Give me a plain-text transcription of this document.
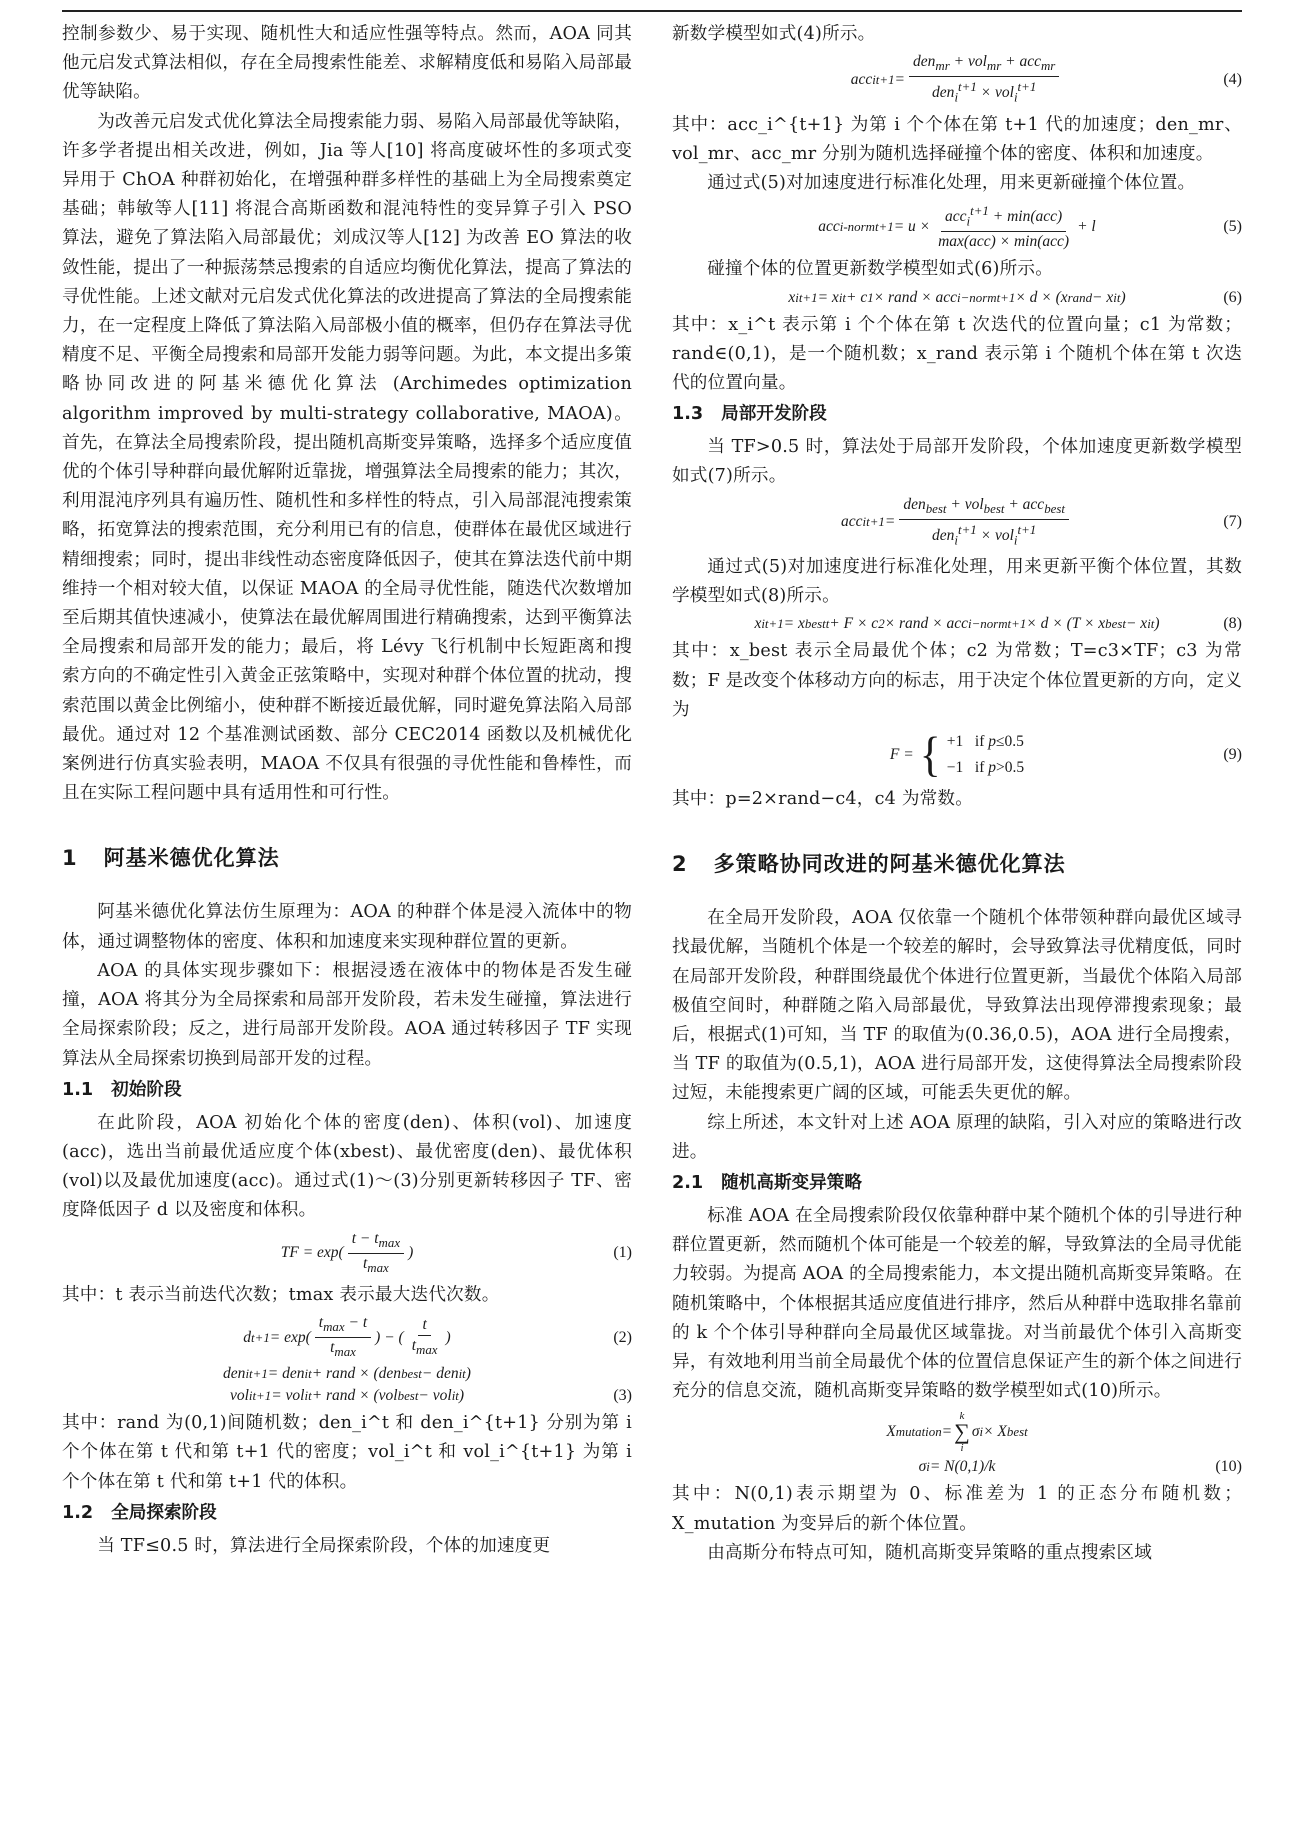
控制参数少、易于实现、随机性大和适应性强等特点。然而，AOA 同其他元启发式算法相似，存在全局搜索性能差、求解精度低和易陷入局部最优等缺陷。

为改善元启发式优化算法全局搜索能力弱、易陷入局部最优等缺陷，许多学者提出相关改进，例如，Jia 等人[10] 将高度破坏性的多项式变异用于 ChOA 种群初始化，在增强种群多样性的基础上为全局搜索奠定基础；韩敏等人[11] 将混合高斯函数和混沌特性的变异算子引入 PSO 算法，避免了算法陷入局部最优；刘成汉等人[12] 为改善 EO 算法的收敛性能，提出了一种振荡禁忌搜索的自适应均衡优化算法，提高了算法的寻优性能。上述文献对元启发式优化算法的改进提高了算法的全局搜索能力，在一定程度上降低了算法陷入局部极小值的概率，但仍存在算法寻优精度不足、平衡全局搜索和局部开发能力弱等问题。为此，本文提出多策略协同改进的阿基米德优化算法 (Archimedes optimization algorithm improved by multi-strategy collaborative, MAOA)。首先，在算法全局搜索阶段，提出随机高斯变异策略，选择多个适应度值优的个体引导种群向最优解附近靠拢，增强算法全局搜索的能力；其次，利用混沌序列具有遍历性、随机性和多样性的特点，引入局部混沌搜索策略，拓宽算法的搜索范围，充分利用已有的信息，使群体在最优区域进行精细搜索；同时，提出非线性动态密度降低因子，使其在算法迭代前中期维持一个相对较大值，以保证 MAOA 的全局寻优性能，随迭代次数增加至后期其值快速减小，使算法在最优解周围进行精确搜索，达到平衡算法全局搜索和局部开发的能力；最后，将 Lévy 飞行机制中长短距离和搜索方向的不确定性引入黄金正弦策略中，实现对种群个体位置的扰动，搜索范围以黄金比例缩小，使种群不断接近最优解，同时避免算法陷入局部最优。通过对 12 个基准测试函数、部分 CEC2014 函数以及机械优化案例进行仿真实验表明，MAOA 不仅具有很强的寻优性能和鲁棒性，而且在实际工程问题中具有适用性和可行性。

1 阿基米德优化算法

阿基米德优化算法仿生原理为：AOA 的种群个体是浸入流体中的物体，通过调整物体的密度、体积和加速度来实现种群位置的更新。

AOA 的具体实现步骤如下：根据浸透在液体中的物体是否发生碰撞，AOA 将其分为全局探索和局部开发阶段，若未发生碰撞，算法进行全局探索阶段；反之，进行局部开发阶段。AOA 通过转移因子 TF 实现算法从全局探索切换到局部开发的过程。

1.1 初始阶段

在此阶段，AOA 初始化个体的密度(den)、体积(vol)、加速度(acc)，选出当前最优适应度个体(xbest)、最优密度(den)、最优体积(vol)以及最优加速度(acc)。通过式(1)～(3)分别更新转移因子 TF、密度降低因子 d 以及密度和体积。

TF = $\exp( \frac{t - t_{max}}{t_{max}}$ )	(1)

其中：t 表示当前迭代次数；tmax 表示最大迭代次数。

d $t+1 = \exp( \frac{t_{max} - t}{t_{max}}$ ) − ( $\frac{t}{t_{max}}$ )	(2)
den i t+1 = den i t + rand × (den best − den i t )
vol i t+1 = vol i t + rand × (vol best − vol i t )	(3)

其中：rand 为(0,1)间随机数；den_i^t 和 den_i^{t+1} 分别为第 i 个个体在第 t 代和第 t+1 代的密度；vol_i^t 和 vol_i^{t+1} 为第 i 个个体在第 t 代和第 t+1 代的体积。

1.2 全局探索阶段

当 TF≤0.5 时，算法进行全局探索阶段，个体的加速度更

新数学模型如式(4)所示。

acc i $t+1 = \frac{den_{mr} + vol_{mr} + acc_{mr}}{den_i^{t+1} \times vol_i^{t+1}}$	(4)

其中：acc_i^{t+1} 为第 i 个个体在第 t+1 代的加速度；den_mr、vol_mr、acc_mr 分别为随机选择碰撞个体的密度、体积和加速度。

通过式(5)对加速度进行标准化处理，用来更新碰撞个体位置。

acc i-norm $t+1 = u \times \frac{acc_i^{t+1} + \min(acc)}{\text{max(acc) × min(acc)}} + l$	(5)

碰撞个体的位置更新数学模型如式(6)所示。

x i t+1 = x i t + c 1 × rand × acc i−norm t+1 × d × (x rand − x i t )	(6)

其中：x_i^t 表示第 i 个个体在第 t 次迭代的位置向量；c1 为常数；rand∈(0,1)，是一个随机数；x_rand 表示第 i 个随机个体在第 t 次迭代的位置向量。

1.3 局部开发阶段

当 TF>0.5 时，算法处于局部开发阶段，个体加速度更新数学模型如式(7)所示。

acc i $t+1 = \frac{den_{best} + vol_{best} + acc_{best}}{den_i^{t+1} \times vol_i^{t+1}}$	(7)

通过式(5)对加速度进行标准化处理，用来更新平衡个体位置，其数学模型如式(8)所示。

x i t+1 = x best t + F × c 2 × rand × acc i−norm t+1 × d × (T × x best − x i t )	(8)

其中：x_best 表示全局最优个体；c2 为常数；T=c3×TF；c3 为常数；F 是改变个体移动方向的标志，用于决定个体位置更新的方向，定义为

F = { +1   if p≤0.5
−1   if p>0.5
(9)

其中：p=2×rand−c4，c4 为常数。

2 多策略协同改进的阿基米德优化算法

在全局开发阶段，AOA 仅依靠一个随机个体带领种群向最优区域寻找最优解，当随机个体是一个较差的解时，会导致算法寻优精度低，同时在局部开发阶段，种群围绕最优个体进行位置更新，当最优个体陷入局部极值空间时，种群随之陷入局部最优，导致算法出现停滞搜索现象；最后，根据式(1)可知，当 TF 的取值为(0.36,0.5)，AOA 进行全局搜索，当 TF 的取值为(0.5,1)，AOA 进行局部开发，这使得算法全局搜索阶段过短，未能搜索更广阔的区域，可能丢失更优的解。

综上所述，本文针对上述 AOA 原理的缺陷，引入对应的策略进行改进。

2.1 随机高斯变异策略

标准 AOA 在全局搜索阶段仅依靠种群中某个随机个体的引导进行种群位置更新，然而随机个体可能是一个较差的解，导致算法的全局寻优能力较弱。为提高 AOA 的全局搜索能力，本文提出随机高斯变异策略。在随机策略中，个体根据其适应度值进行排序，然后从种群中选取排名靠前的 k 个个体引导种群向全局最优区域靠拢。对当前最优个体引入高斯变异，有效地利用当前全局最优个体的位置信息保证产生的新个体之间进行充分的信息交流，随机高斯变异策略的数学模型如式(10)所示。

X mutation =
k
∑
i
σ i × X best
σ i = N(0,1)/k	(10)

其中：N(0,1)表示期望为 0、标准差为 1 的正态分布随机数；X_mutation 为变异后的新个体位置。

由高斯分布特点可知，随机高斯变异策略的重点搜索区域
